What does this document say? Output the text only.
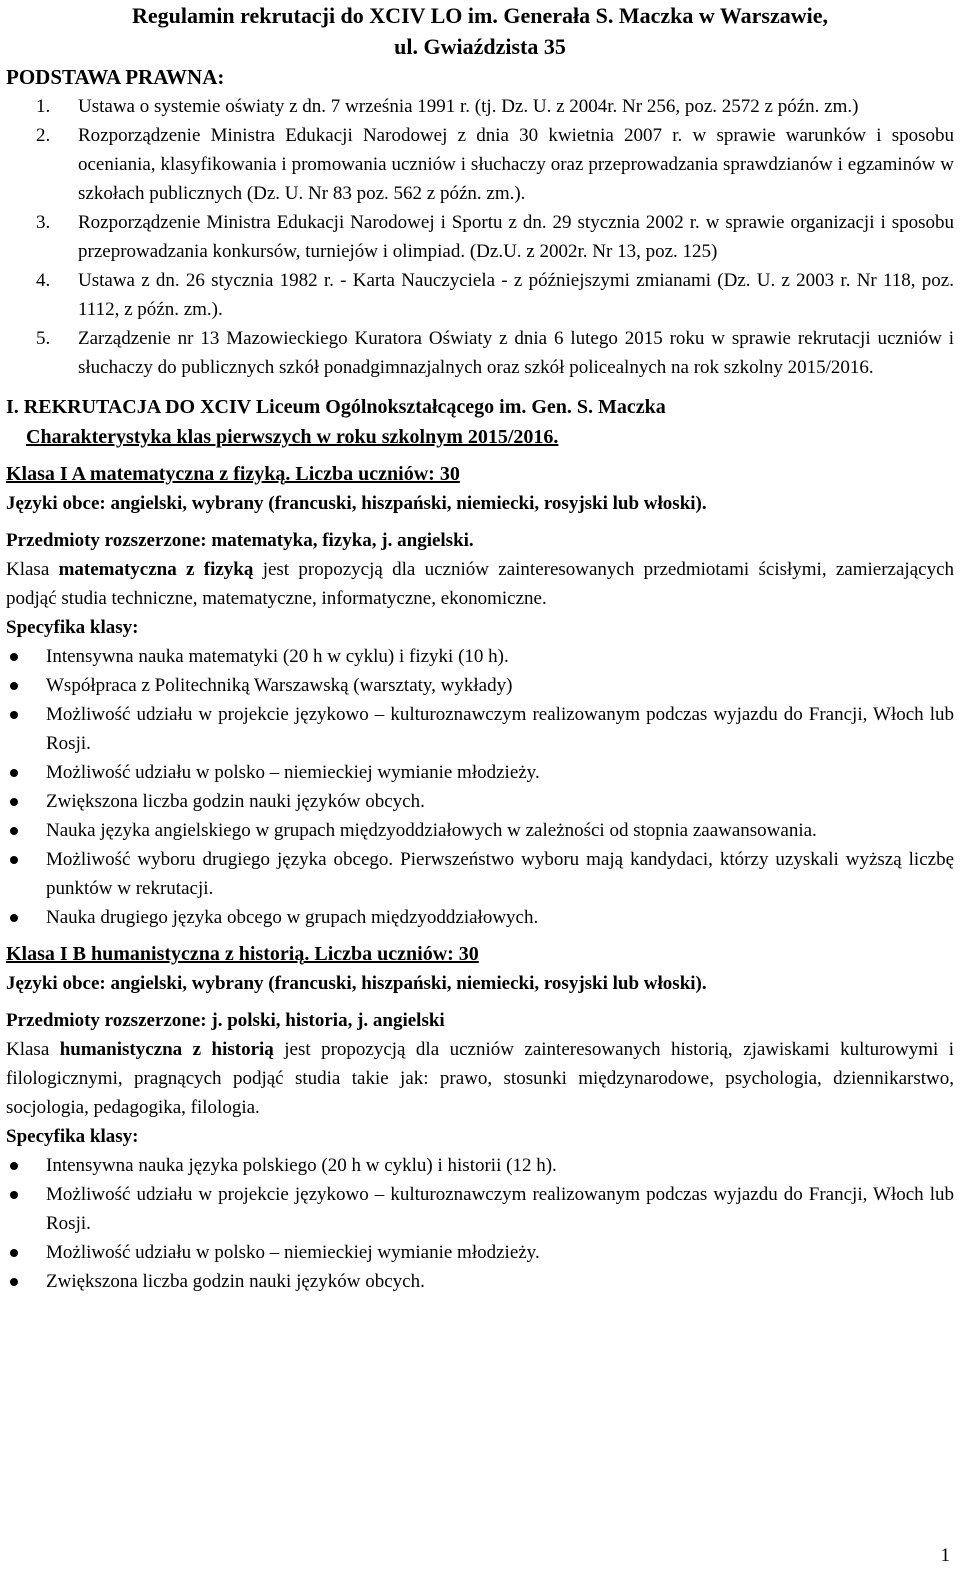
Regulamin rekrutacji do XCIV LO im. Generała S. Maczka w Warszawie,

ul. Gwiaździsta 35

PODSTAWA PRAWNA:

1. Ustawa o systemie oświaty z dn. 7 września 1991 r. (tj. Dz. U. z 2004r. Nr 256, poz. 2572 z późn. zm.)
2. Rozporządzenie Ministra Edukacji Narodowej z dnia 30 kwietnia 2007 r. w sprawie warunków i sposobu oceniania, klasyfikowania i promowania uczniów i słuchaczy oraz przeprowadzania sprawdzianów i egzaminów w szkołach publicznych (Dz. U. Nr 83 poz. 562 z późn. zm.).
3. Rozporządzenie Ministra Edukacji Narodowej i Sportu z dn. 29 stycznia 2002 r. w sprawie organizacji i sposobu przeprowadzania konkursów, turniejów i olimpiad. (Dz.U. z 2002r. Nr 13, poz. 125)
4. Ustawa z dn. 26 stycznia 1982 r. - Karta Nauczyciela - z późniejszymi zmianami (Dz. U. z 2003 r. Nr 118, poz. 1112, z późn. zm.).
5. Zarządzenie nr 13 Mazowieckiego Kuratora Oświaty z dnia 6 lutego 2015 roku w sprawie rekrutacji uczniów i słuchaczy do publicznych szkół ponadgimnazjalnych oraz szkół policealnych na rok szkolny 2015/2016.

I. REKRUTACJA DO XCIV Liceum Ogólnokształcącego im. Gen. S. Maczka

Charakterystyka klas pierwszych w roku szkolnym 2015/2016.

Klasa I A matematyczna z fizyką. Liczba uczniów: 30

Języki obce: angielski, wybrany (francuski, hiszpański, niemiecki, rosyjski lub włoski).

Przedmioty rozszerzone: matematyka, fizyka, j. angielski.

Klasa matematyczna z fizyką jest propozycją dla uczniów zainteresowanych przedmiotami ścisłymi, zamierzających podjąć studia techniczne, matematyczne, informatyczne, ekonomiczne.

Specyfika klasy:

Intensywna nauka matematyki (20 h w cyklu) i fizyki (10 h).
Współpraca z Politechniką Warszawską (warsztaty, wykłady)
Możliwość udziału w projekcie językowo – kulturoznawczym realizowanym podczas wyjazdu do Francji, Włoch lub Rosji.
Możliwość udziału w polsko – niemieckiej wymianie młodzieży.
Zwiększona liczba godzin nauki języków obcych.
Nauka języka angielskiego w grupach międzyoddziałowych w zależności od stopnia zaawansowania.
Możliwość wyboru drugiego języka obcego. Pierwszeństwo wyboru mają kandydaci, którzy uzyskali wyższą liczbę punktów w rekrutacji.
Nauka drugiego języka obcego w grupach międzyoddziałowych.

Klasa I B humanistyczna z historią. Liczba uczniów: 30

Języki obce: angielski, wybrany (francuski, hiszpański, niemiecki, rosyjski lub włoski).

Przedmioty rozszerzone: j. polski, historia, j. angielski

Klasa humanistyczna z historią jest propozycją dla uczniów zainteresowanych historią, zjawiskami kulturowymi i filologicznymi, pragnących podjąć studia takie jak: prawo, stosunki międzynarodowe, psychologia, dziennikarstwo, socjologia, pedagogika, filologia.

Specyfika klasy:

Intensywna nauka języka polskiego (20 h w cyklu) i historii (12 h).
Możliwość udziału w projekcie językowo – kulturoznawczym realizowanym podczas wyjazdu do Francji, Włoch lub Rosji.
Możliwość udziału w polsko – niemieckiej wymianie młodzieży.
Zwiększona liczba godzin nauki języków obcych.
1
